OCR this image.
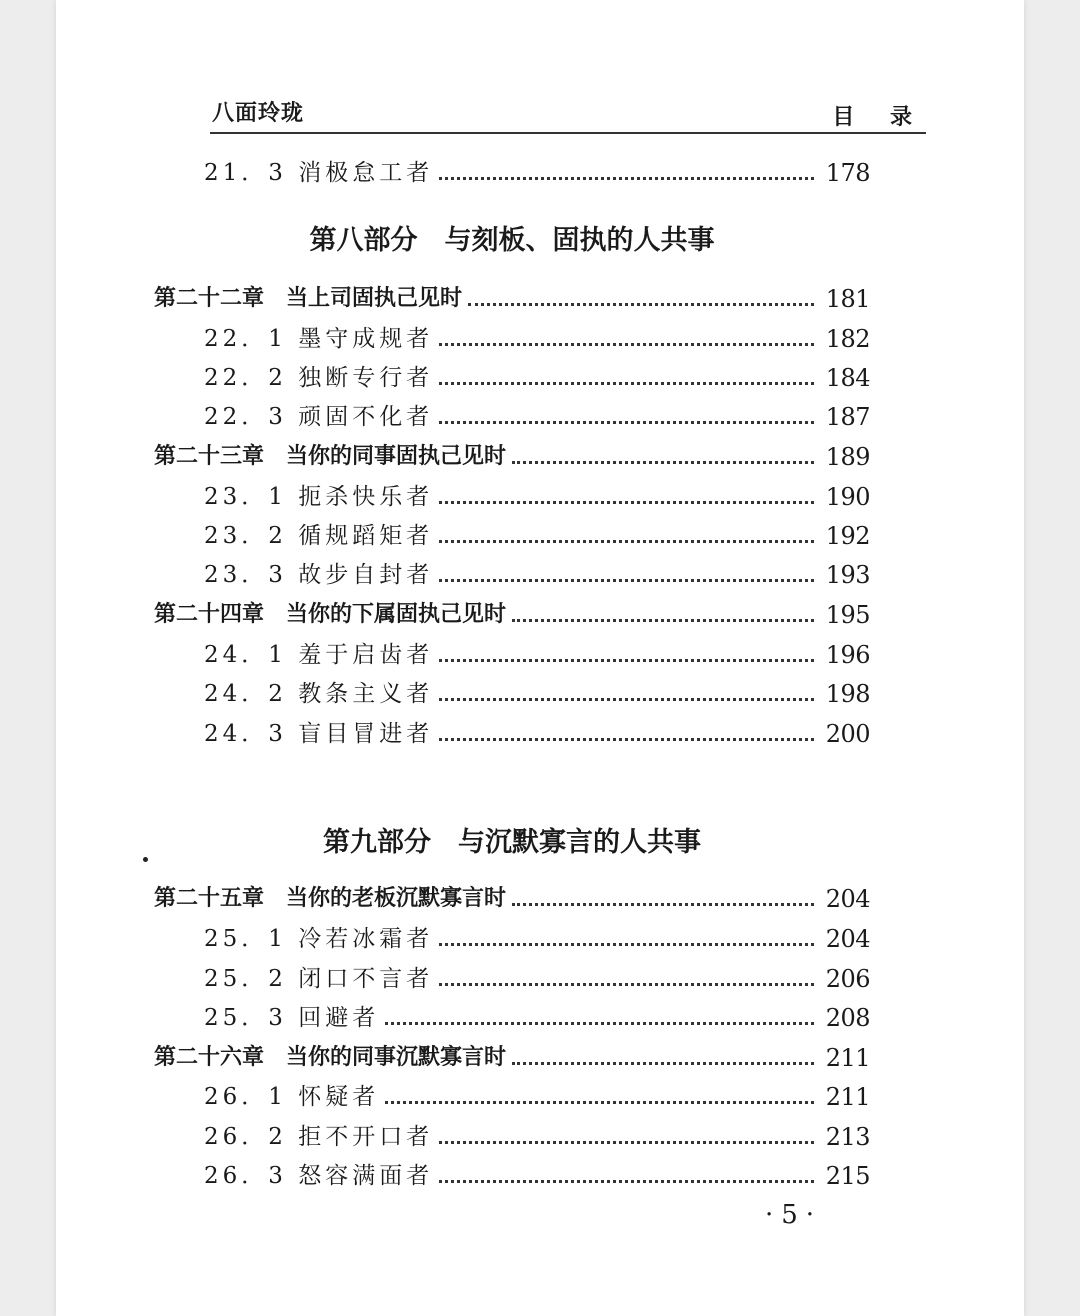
八面玲珑	目 录
21．3 消极怠工者	178
第八部分　与刻板、固执的人共事
第二十二章　当上司固执己见时	181
22．1 墨守成规者	182
22．2 独断专行者	184
22．3 顽固不化者	187
第二十三章　当你的同事固执己见时	189
23．1 扼杀快乐者	190
23．2 循规蹈矩者	192
23．3 故步自封者	193
第二十四章　当你的下属固执己见时	195
24．1 羞于启齿者	196
24．2 教条主义者	198
24．3 盲目冒进者	200
第九部分　与沉默寡言的人共事
第二十五章　当你的老板沉默寡言时	204
25．1 冷若冰霜者	204
25．2 闭口不言者	206
25．3 回避者	208
第二十六章　当你的同事沉默寡言时	211
26．1 怀疑者	211
26．2 拒不开口者	213
26．3 怒容满面者	215
·5·
